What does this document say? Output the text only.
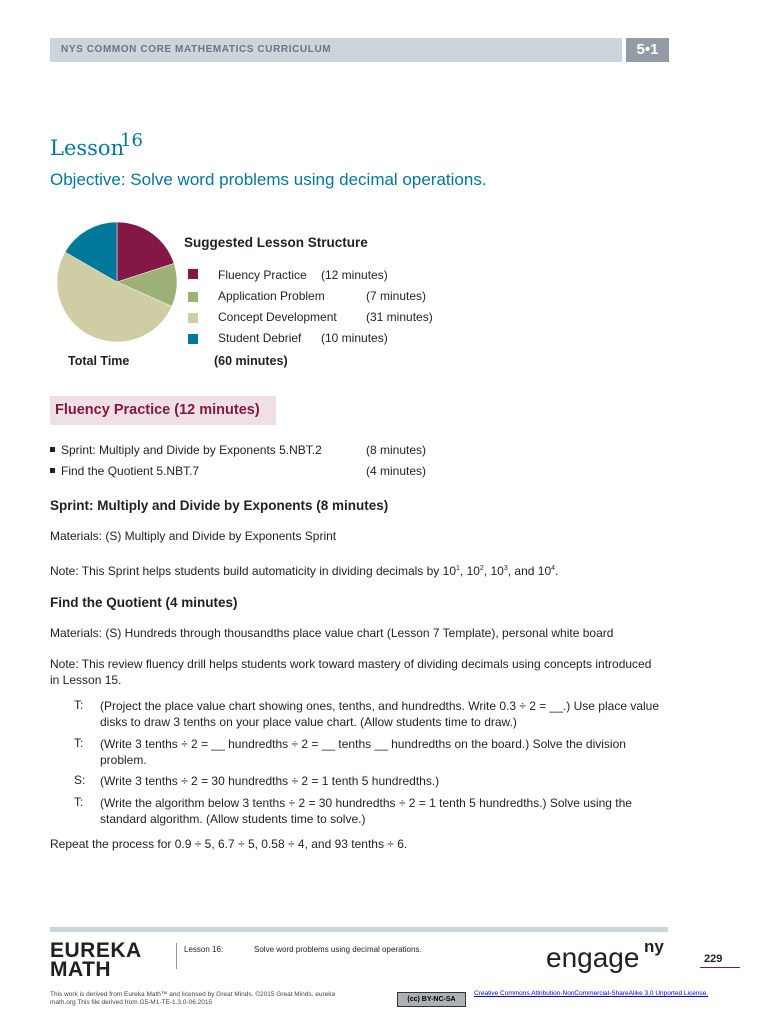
NYS COMMON CORE MATHEMATICS CURRICULUM	5•1
Lesson
16
Objective: Solve word problems using decimal operations.
Suggested Lesson Structure
Fluency Practice (12 minutes)
Application Problem	(7 minutes)
Concept Development (31 minutes)
Student Debrief (10 minutes)
Total Time	(60 minutes)
Fluency Practice (12 minutes)
Sprint: Multiply and Divide by Exponents 5.NBT.2	(8 minutes)
Find the Quotient 5.NBT.7	(4 minutes)
Sprint: Multiply and Divide by Exponents (8 minutes)
Materials: (S) Multiply and Divide by Exponents Sprint
Note: This Sprint helps students build automaticity in dividing decimals by $10^1$, $10^2$, $10^3$, and $10^4$.
Find the Quotient (4 minutes)
Materials: (S) Hundreds through thousandths place value chart (Lesson 7 Template), personal white board
Note: This review fluency drill helps students work toward mastery of dividing decimals using concepts introduced in Lesson 15.
T: (Project the place value chart showing ones, tenths, and hundredths. Write 0.3 ÷ 2 = __.) Use place value disks to draw 3 tenths on your place value chart. (Allow students time to draw.)
T: (Write 3 tenths ÷ 2 = __ hundredths ÷ 2 = __ tenths __ hundredths on the board.) Solve the division problem.
S: (Write 3 tenths ÷ 2 = 30 hundredths ÷ 2 = 1 tenth 5 hundredths.)
T: (Write the algorithm below 3 tenths ÷ 2 = 30 hundredths ÷ 2 = 1 tenth 5 hundredths.) Solve using the standard algorithm. (Allow students time to solve.)
Repeat the process for 0.9 ÷ 5, 6.7 ÷ 5, 0.58 ÷ 4, and 93 tenths ÷ 6.
EUREKA
MATH
Lesson 16:	Solve word problems using decimal operations.	engage ny
229
This work is derived from Eureka Math™ and licensed by Great Minds. ©2015 Great Minds. eureka
math.org This file derived from G5-M1-TE-1.3.0-06.2015	(cc) BY-NC-SA
Creative Commons Attribution-NonCommercial-ShareAlike 3.0 Unported License.
